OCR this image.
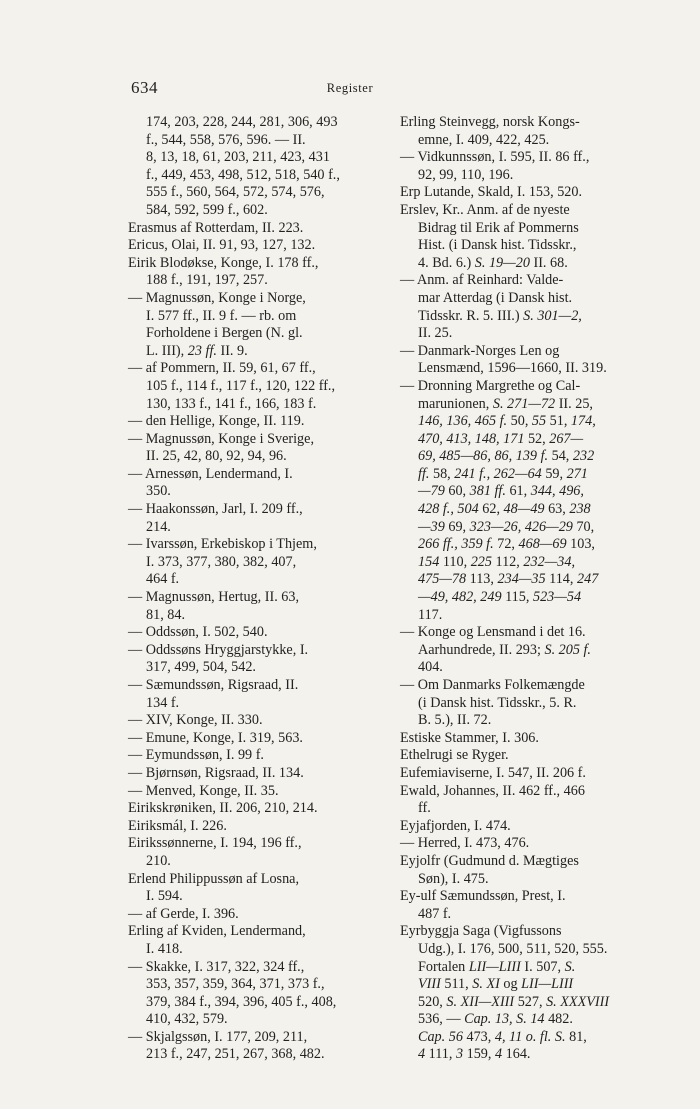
634	Register
174, 203, 228, 244, 281, 306, 493
f., 544, 558, 576, 596. — II.
8, 13, 18, 61, 203, 211, 423, 431
f., 449, 453, 498, 512, 518, 540 f.,
555 f., 560, 564, 572, 574, 576,
584, 592, 599 f., 602.
Erasmus af Rotterdam, II. 223.
Ericus, Olai, II. 91, 93, 127, 132.
Eirik Blodøkse, Konge, I. 178 ff.,
188 f., 191, 197, 257.
— Magnussøn, Konge i Norge,
I. 577 ff., II. 9 f. — rb. om
Forholdene i Bergen (N. gl.
L. III), 23 ff. II. 9.
— af Pommern, II. 59, 61, 67 ff.,
105 f., 114 f., 117 f., 120, 122 ff.,
130, 133 f., 141 f., 166, 183 f.
— den Hellige, Konge, II. 119.
— Magnussøn, Konge i Sverige,
II. 25, 42, 80, 92, 94, 96.
— Arnessøn, Lendermand, I.
350.
— Haakonssøn, Jarl, I. 209 ff.,
214.
— Ivarssøn, Erkebiskop i Thjem,
I. 373, 377, 380, 382, 407,
464 f.
— Magnussøn, Hertug, II. 63,
81, 84.
— Oddssøn, I. 502, 540.
— Oddssøns Hryggjarstykke, I.
317, 499, 504, 542.
— Sæmundssøn, Rigsraad, II.
134 f.
— XIV, Konge, II. 330.
— Emune, Konge, I. 319, 563.
— Eymundssøn, I. 99 f.
— Bjørnsøn, Rigsraad, II. 134.
— Menved, Konge, II. 35.
Eirikskrøniken, II. 206, 210, 214.
Eiriksmál, I. 226.
Eirikssønnerne, I. 194, 196 ff.,
210.
Erlend Philippussøn af Losna,
I. 594.
— af Gerde, I. 396.
Erling af Kviden, Lendermand,
I. 418.
— Skakke, I. 317, 322, 324 ff.,
353, 357, 359, 364, 371, 373 f.,
379, 384 f., 394, 396, 405 f., 408,
410, 432, 579.
— Skjalgssøn, I. 177, 209, 211,
213 f., 247, 251, 267, 368, 482.
Erling Steinvegg, norsk Kongs-
emne, I. 409, 422, 425.
— Vidkunnssøn, I. 595, II. 86 ff.,
92, 99, 110, 196.
Erp Lutande, Skald, I. 153, 520.
Erslev, Kr.. Anm. af de nyeste
Bidrag til Erik af Pommerns
Hist. (i Dansk hist. Tidsskr.,
4. Bd. 6.) S. 19—20 II. 68.
— Anm. af Reinhard: Valde-
mar Atterdag (i Dansk hist.
Tidsskr. R. 5. III.) S. 301—2,
II. 25.
— Danmark-Norges Len og
Lensmænd, 1596—1660, II. 319.
— Dronning Margrethe og Cal-
marunionen, S. 271—72 II. 25,
146, 136, 465 f. 50, 55 51, 174,
470, 413, 148, 171 52, 267—
69, 485—86, 86, 139 f. 54, 232
ff. 58, 241 f., 262—64 59, 271
—79 60, 381 ff. 61, 344, 496,
428 f., 504 62, 48—49 63, 238
—39 69, 323—26, 426—29 70,
266 ff., 359 f. 72, 468—69 103,
154 110, 225 112, 232—34,
475—78 113, 234—35 114, 247
—49, 482, 249 115, 523—54
117.
— Konge og Lensmand i det 16.
Aarhundrede, II. 293; S. 205 f.
404.
— Om Danmarks Folkemængde
(i Dansk hist. Tidsskr., 5. R.
B. 5.), II. 72.
Estiske Stammer, I. 306.
Ethelrugi se Ryger.
Eufemiaviserne, I. 547, II. 206 f.
Ewald, Johannes, II. 462 ff., 466
ff.
Eyjafjorden, I. 474.
— Herred, I. 473, 476.
Eyjolfr (Gudmund d. Mægtiges
Søn), I. 475.
Ey-ulf Sæmundssøn, Prest, I.
487 f.
Eyrbyggja Saga (Vigfussons
Udg.), I. 176, 500, 511, 520, 555.
Fortalen LII—LIII I. 507, S.
VIII 511, S. XI og LII—LIII
520, S. XII—XIII 527, S. XXXVIII
536, — Cap. 13, S. 14 482.
Cap. 56 473, 4, 11 o. fl. S. 81,
4 111, 3 159, 4 164.
